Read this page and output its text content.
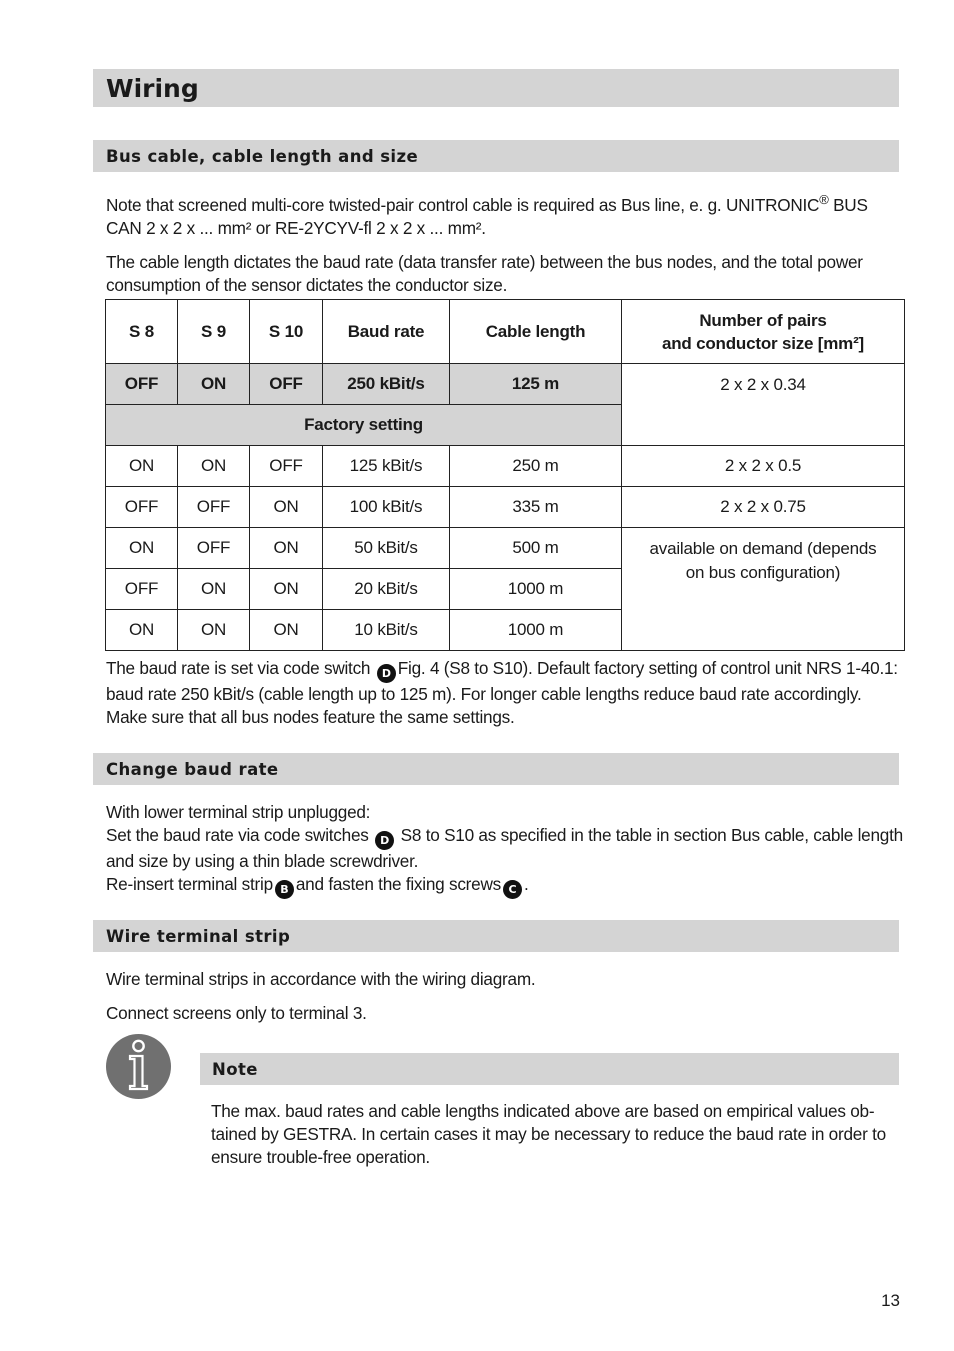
Wiring
Bus cable, cable length and size
Note that screened multi-core twisted-pair control cable is required as Bus line, e. g. UNITRONIC® BUS
CAN 2 x 2 x ... mm² or RE-2YCYV-fl 2 x 2 x ... mm².
The cable length dictates the baud rate (data transfer rate) between the bus nodes, and the total power
consumption of the sensor dictates the conductor size.
S 8	S 9	S 10	Baud rate	Cable length	Number of pairs
and conductor size [mm²]

OFF	ON	OFF	250 kBit/s	125 m	2 x 2 x 0.34
Factory setting					
ON	ON	OFF	125 kBit/s	250 m	2 x 2 x 0.5
OFF	OFF	ON	100 kBit/s	335 m	2 x 2 x 0.75
ON	OFF	ON	50 kBit/s	500 m	available on demand (depends
on bus configuration)

OFF	ON	ON	20 kBit/s	1000 m	
ON	ON	ON	10 kBit/s	1000 m	
The baud rate is set via code switch D Fig. 4 (S8 to S10). Default factory setting of control unit NRS 1-40.1:
baud rate 250 kBit/s (cable length up to 125 m). For longer cable lengths reduce baud rate accordingly.
Make sure that all bus nodes feature the same settings.
Change baud rate
With lower terminal strip unplugged:
Set the baud rate via code switches D S8 to S10 as specified in the table in section Bus cable, cable length
and size by using a thin blade screwdriver.
Re-insert terminal strip B and fasten the fixing screws C .
Wire terminal strip
Wire terminal strips in accordance with the wiring diagram.
Connect screens only to terminal 3.
Note
The max. baud rates and cable lengths indicated above are based on empirical values ob-
tained by GESTRA. In certain cases it may be necessary to reduce the baud rate in order to
ensure trouble-free operation.
13
